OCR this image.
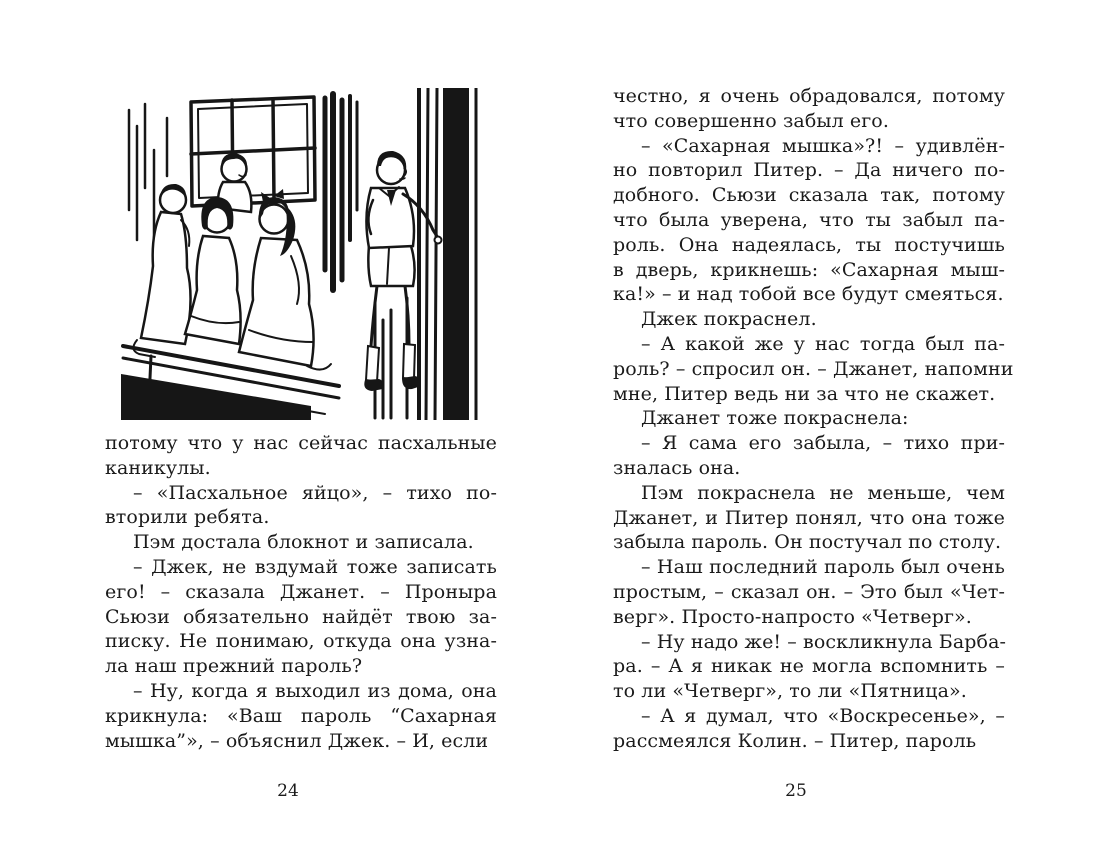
потому что у нас сейчас пасхальные
каникулы.
– «Пасхальное яйцо», – тихо по-
вторили ребята.
Пэм достала блокнот и записала.
– Джек, не вздумай тоже записать
его! – сказала Джанет. – Проныра
Сьюзи обязательно найдёт твою за-
писку. Не понимаю, откуда она узна-
ла наш прежний пароль?
– Ну, когда я выходил из дома, она
крикнула: «Ваш пароль “Сахарная
мышка”», – объяснил Джек. – И, если
24
честно, я очень обрадовался, потому
что совершенно забыл его.
– «Сахарная мышка»?! – удивлён-
но повторил Питер. – Да ничего по-
добного. Сьюзи сказала так, потому
что была уверена, что ты забыл па-
роль. Она надеялась, ты постучишь
в дверь, крикнешь: «Сахарная мыш-
ка!» – и над тобой все будут смеяться.
Джек покраснел.
– А какой же у нас тогда был па-
роль? – спросил он. – Джанет, напомни
мне, Питер ведь ни за что не скажет.
Джанет тоже покраснела:
– Я сама его забыла, – тихо при-
зналась она.
Пэм покраснела не меньше, чем
Джанет, и Питер понял, что она тоже
забыла пароль. Он постучал по столу.
– Наш последний пароль был очень
простым, – сказал он. – Это был «Чет-
верг». Просто-напросто «Четверг».
– Ну надо же! – воскликнула Барба-
ра. – А я никак не могла вспомнить –
то ли «Четверг», то ли «Пятница».
– А я думал, что «Воскресенье», –
рассмеялся Колин. – Питер, пароль
25
